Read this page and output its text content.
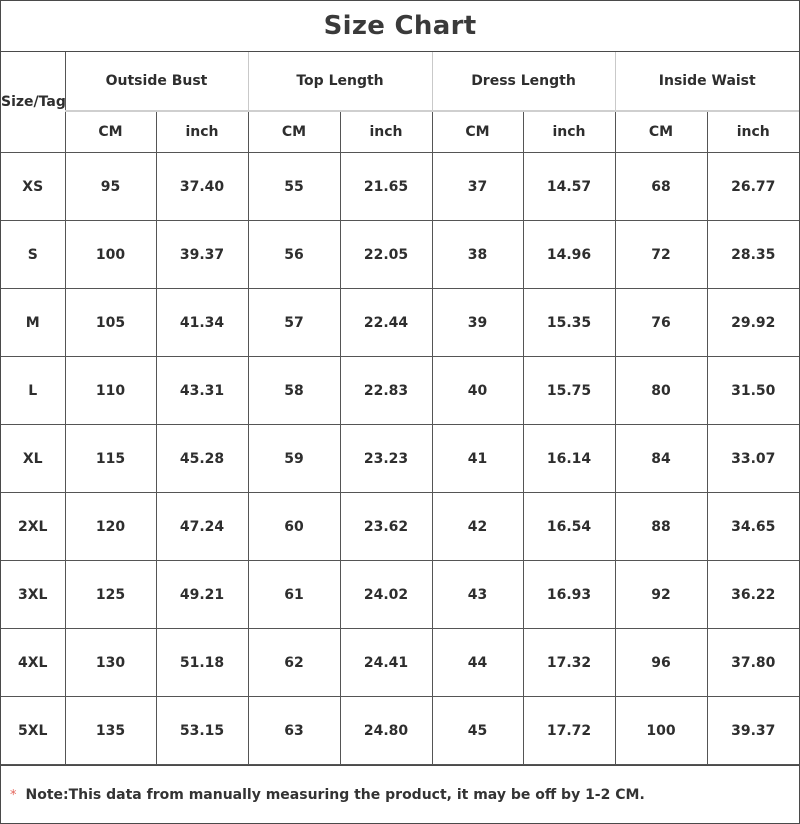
Size Chart
Size/Tag	Outside Bust		Top Length		Dress Length		Inside Waist	
	CM	inch	CM	inch	CM	inch	CM	inch
XS	95	37.40	55	21.65	37	14.57	68	26.77
S	100	39.37	56	22.05	38	14.96	72	28.35
M	105	41.34	57	22.44	39	15.35	76	29.92
L	110	43.31	58	22.83	40	15.75	80	31.50
XL	115	45.28	59	23.23	41	16.14	84	33.07
2XL	120	47.24	60	23.62	42	16.54	88	34.65
3XL	125	49.21	61	24.02	43	16.93	92	36.22
4XL	130	51.18	62	24.41	44	17.32	96	37.80
5XL	135	53.15	63	24.80	45	17.72	100	39.37
* Note:This data from manually measuring the product, it may be off by 1-2 CM.
